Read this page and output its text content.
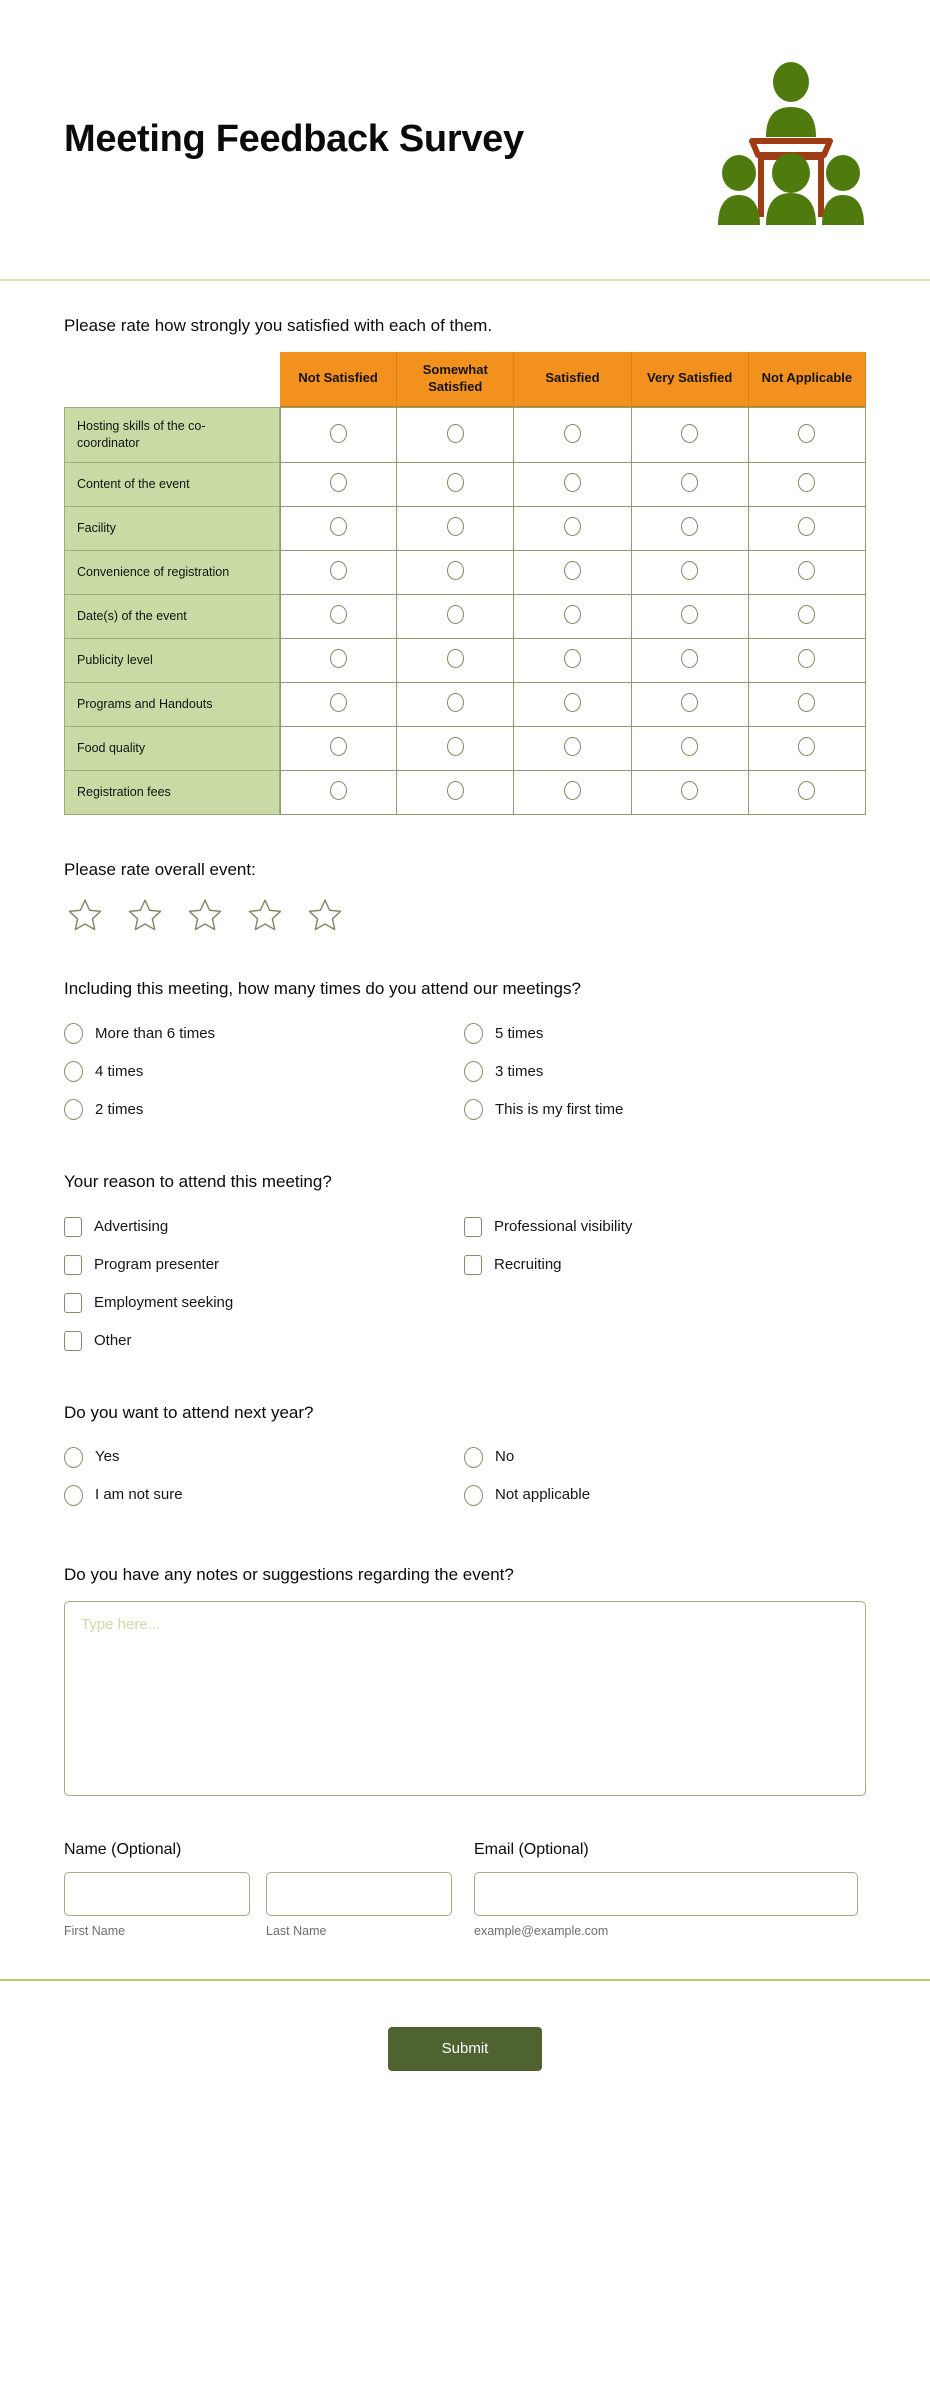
Meeting Feedback Survey

Please rate how strongly you satisfied with each of them.

	Not Satisfied	Somewhat Satisfied	Satisfied	Very Satisfied	Not Applicable
Hosting skills of the co-coordinator					
Content of the event					
Facility					
Convenience of registration					
Date(s) of the event					
Publicity level					
Programs and Handouts					
Food quality					
Registration fees					

Please rate overall event:

Including this meeting, how many times do you attend our meetings?

More than 6 times
4 times
2 times
5 times
3 times
This is my first time

Your reason to attend this meeting?

Advertising
Program presenter
Employment seeking
Other
Professional visibility
Recruiting

Do you want to attend next year?

Yes
I am not sure
No
Not applicable

Do you have any notes or suggestions regarding the event?

Type here...
Name (Optional)
First Name	Last Name
Email (Optional)
example@example.com
Submit
